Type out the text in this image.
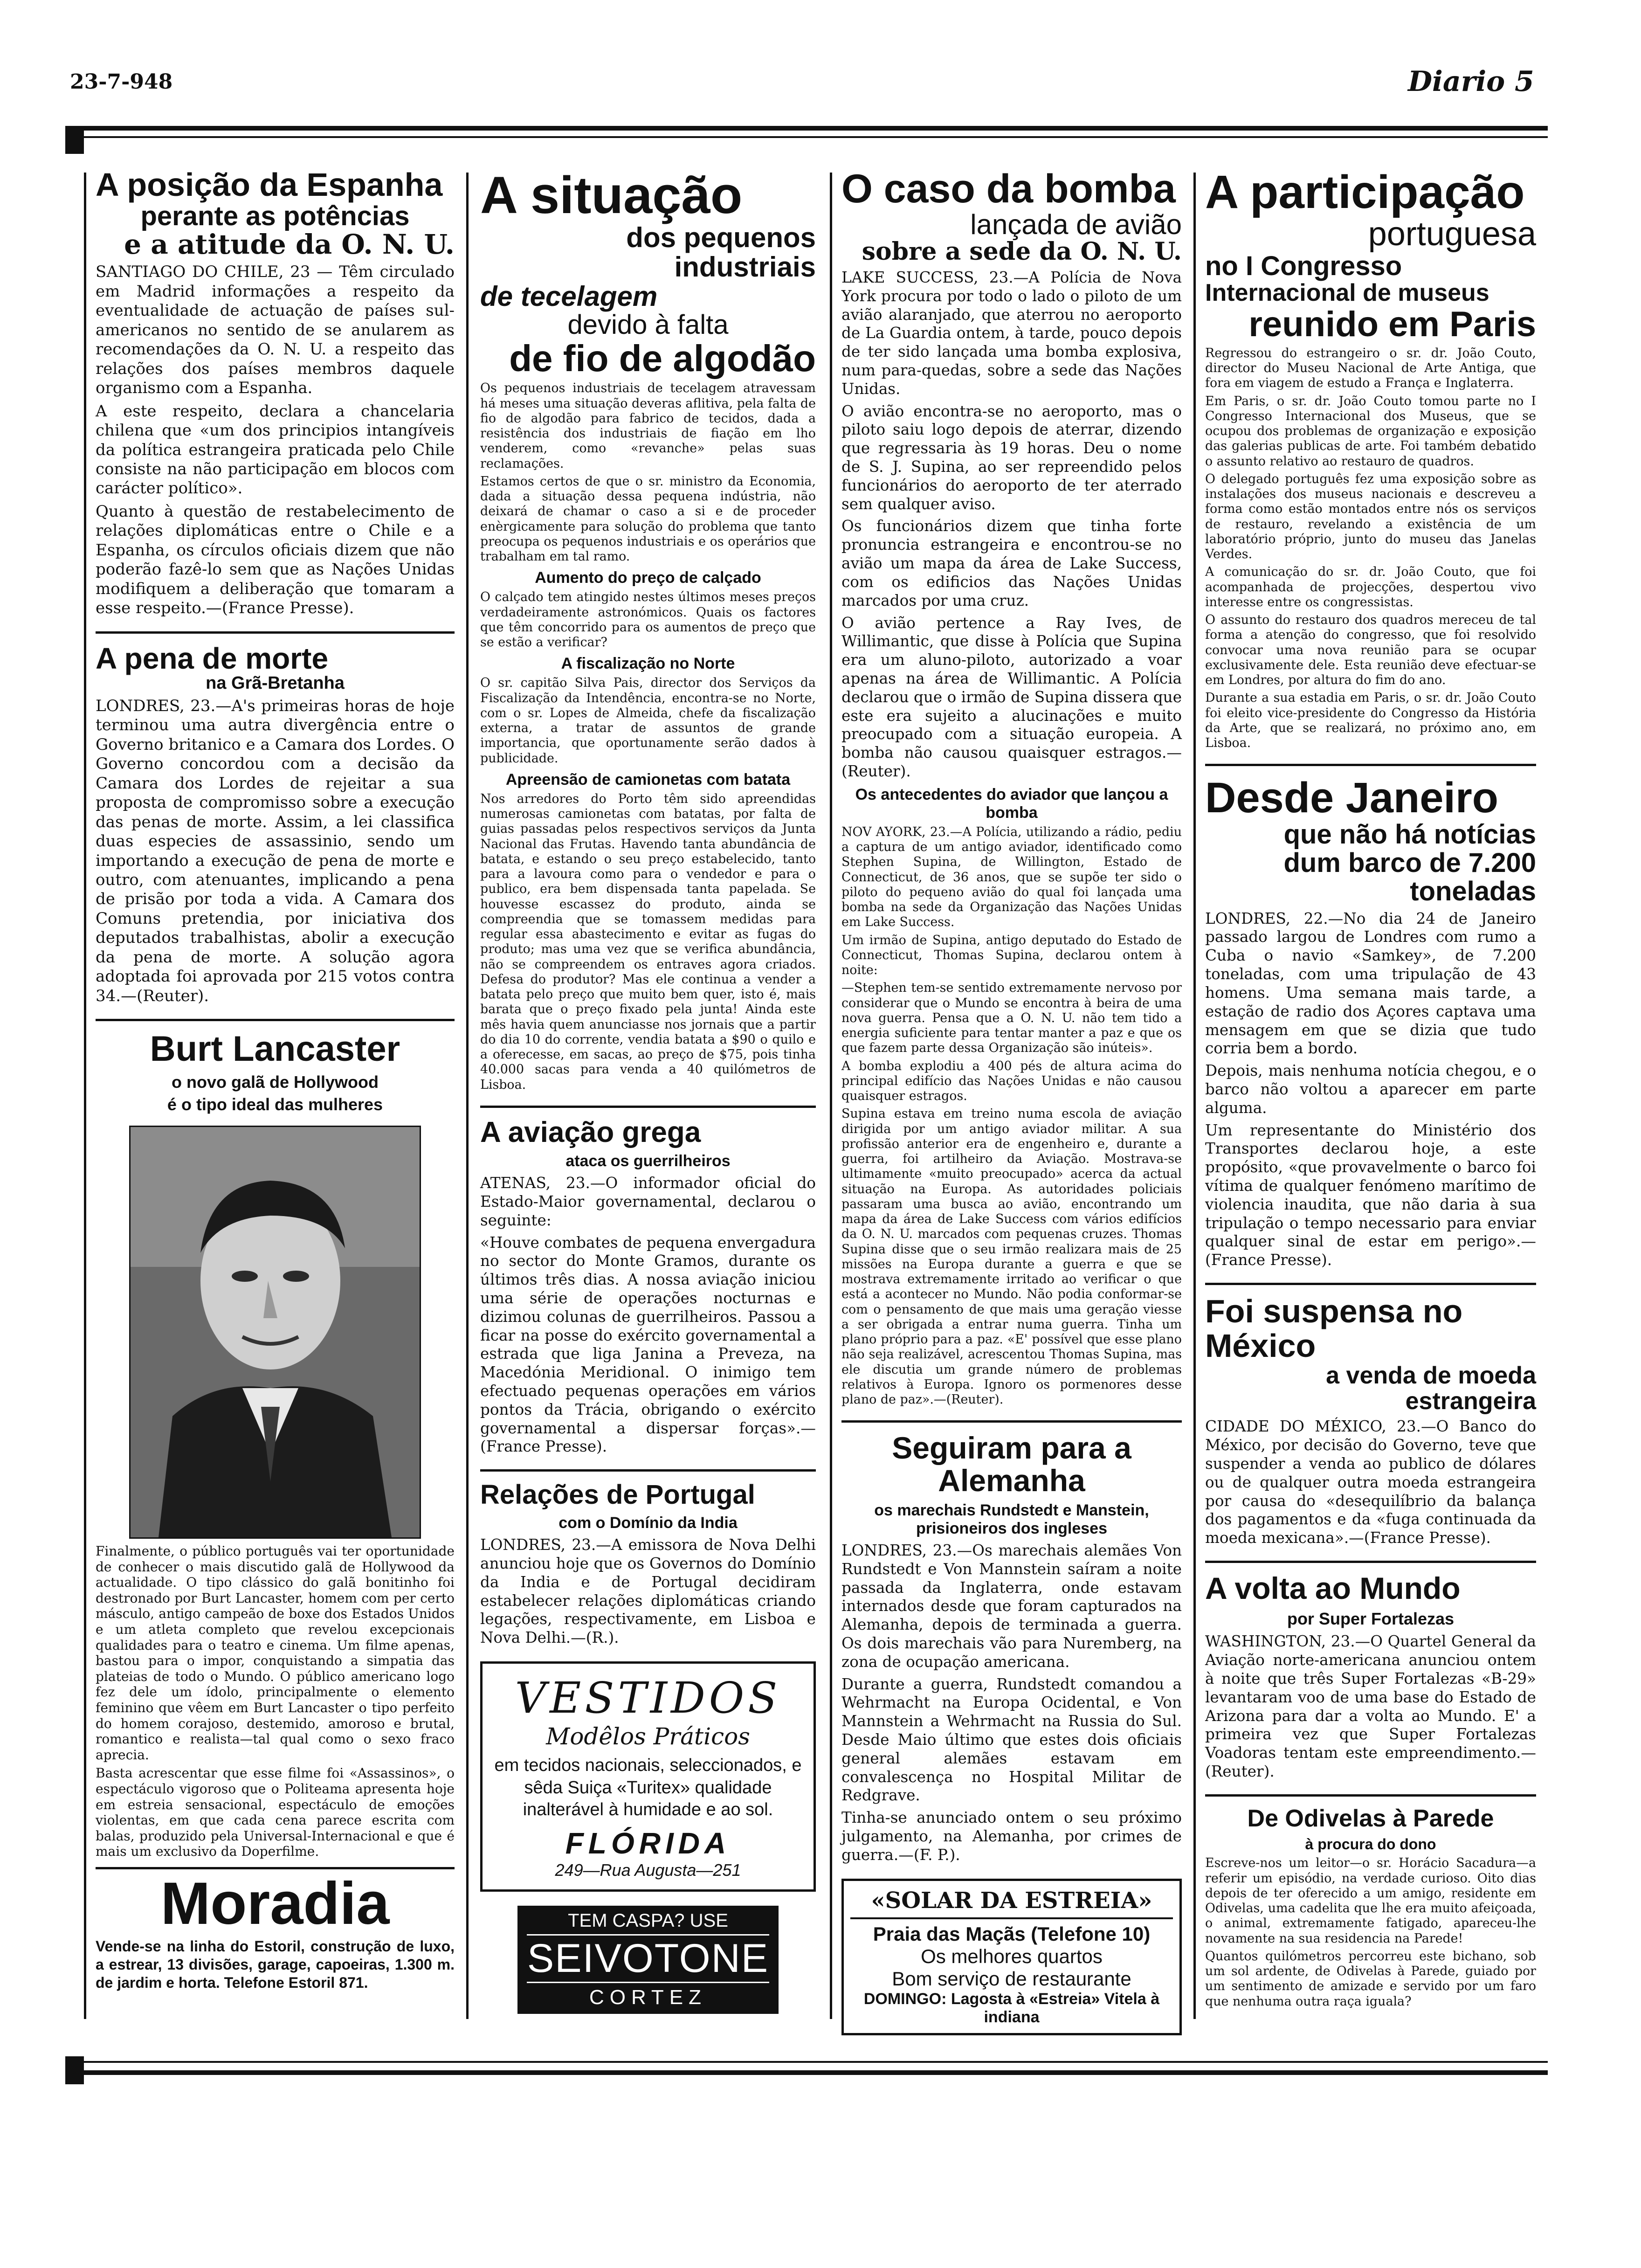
23-7-948	Diario 5
A posição da Espanha
perante as potências
e a atitude da O. N. U.

SANTIAGO DO CHILE, 23 — Têm circulado em Madrid informações a respeito da eventualidade de actuação de países sul-americanos no sentido de se anularem as recomendações da O. N. U. a respeito das relações dos países membros daquele organismo com a Espanha.

A este respeito, declara a chancelaria chilena que «um dos principios intangíveis da política estrangeira praticada pelo Chile consiste na não participação em blocos com carácter político».

Quanto à questão de restabelecimento de relações diplomáticas entre o Chile e a Espanha, os círculos oficiais dizem que não poderão fazê-lo sem que as Nações Unidas modifiquem a deliberação que tomaram a esse respeito.—(France Presse).

A pena de morte
na Grã-Bretanha

LONDRES, 23.—A's primeiras horas de hoje terminou uma autra divergência entre o Governo britanico e a Camara dos Lordes. O Governo concordou com a decisão da Camara dos Lordes de rejeitar a sua proposta de compromisso sobre a execução das penas de morte. Assim, a lei classifica duas especies de assassinio, sendo um importando a execução de pena de morte e outro, com atenuantes, implicando a pena de prisão por toda a vida. A Camara dos Comuns pretendia, por iniciativa dos deputados trabalhistas, abolir a execução da pena de morte. A solução agora adoptada foi aprovada por 215 votos contra 34.—(Reuter).

Burt Lancaster
o novo galã de Hollywood
é o tipo ideal das mulheres

Finalmente, o público português vai ter oportunidade de conhecer o mais discutido galã de Hollywood da actualidade. O tipo clássico do galã bonitinho foi destronado por Burt Lancaster, homem com per certo másculo, antigo campeão de boxe dos Estados Unidos e um atleta completo que revelou excepcionais qualidades para o teatro e cinema. Um filme apenas, bastou para o impor, conquistando a simpatia das plateias de todo o Mundo. O público americano logo fez dele um ídolo, principalmente o elemento feminino que vêem em Burt Lancaster o tipo perfeito do homem corajoso, destemido, amoroso e brutal, romantico e realista—tal qual como o sexo fraco aprecia.

Basta acrescentar que esse filme foi «Assassinos», o espectáculo vigoroso que o Politeama apresenta hoje em estreia sensacional, espectáculo de emoções violentas, em que cada cena parece escrita com balas, produzido pela Universal-Internacional e que é mais um exclusivo da Doperfilme.

Moradia

Vende-se na linha do Estoril, construção de luxo, a estrear, 13 divisões, garage, capoeiras, 1.300 m. de jardim e horta. Telefone Estoril 871.

A situação
dos pequenos industriais
de tecelagem
devido à falta
de fio de algodão

Os pequenos industriais de tecelagem atravessam há meses uma situação deveras aflitiva, pela falta de fio de algodão para fabrico de tecidos, dada a resistência dos industriais de fiação em lho venderem, como «revanche» pelas suas reclamações.

Estamos certos de que o sr. ministro da Economia, dada a situação dessa pequena indústria, não deixará de chamar o caso a si e de proceder enèrgicamente para solução do problema que tanto preocupa os pequenos industriais e os operários que trabalham em tal ramo.

Aumento do preço de calçado

O calçado tem atingido nestes últimos meses preços verdadeiramente astronómicos. Quais os factores que têm concorrido para os aumentos de preço que se estão a verificar?

A fiscalização no Norte

O sr. capitão Silva Pais, director dos Serviços da Fiscalização da Intendência, encontra-se no Norte, com o sr. Lopes de Almeida, chefe da fiscalização externa, a tratar de assuntos de grande importancia, que oportunamente serão dados à publicidade.

Apreensão de camionetas com batata

Nos arredores do Porto têm sido apreendidas numerosas camionetas com batatas, por falta de guias passadas pelos respectivos serviços da Junta Nacional das Frutas. Havendo tanta abundância de batata, e estando o seu preço estabelecido, tanto para a lavoura como para o vendedor e para o publico, era bem dispensada tanta papelada. Se houvesse escassez do produto, ainda se compreendia que se tomassem medidas para regular essa abastecimento e evitar as fugas do produto; mas uma vez que se verifica abundância, não se compreendem os entraves agora criados. Defesa do produtor? Mas ele continua a vender a batata pelo preço que muito bem quer, isto é, mais barata que o preço fixado pela junta! Ainda este mês havia quem anunciasse nos jornais que a partir do dia 10 do corrente, vendia batata a $90 o quilo e a oferecesse, em sacas, ao preço de $75, pois tinha 40.000 sacas para venda a 40 quilómetros de Lisboa.

A aviação grega
ataca os guerrilheiros

ATENAS, 23.—O informador oficial do Estado-Maior governamental, declarou o seguinte:

«Houve combates de pequena envergadura no sector do Monte Gramos, durante os últimos três dias. A nossa aviação iniciou uma série de operações nocturnas e dizimou colunas de guerrilheiros. Passou a ficar na posse do exército governamental a estrada que liga Janina a Preveza, na Macedónia Meridional. O inimigo tem efectuado pequenas operações em vários pontos da Trácia, obrigando o exército governamental a dispersar forças».—(France Presse).

Relações de Portugal
com o Domínio da India

LONDRES, 23.—A emissora de Nova Delhi anunciou hoje que os Governos do Domínio da India e de Portugal decidiram estabelecer relações diplomáticas criando legações, respectivamente, em Lisboa e Nova Delhi.—(R.).

VESTIDOS
Modêlos Práticos
em tecidos nacionais, seleccionados, e sêda Suiça «Turitex» qualidade inalterável à humidade e ao sol.
FLÓRIDA
249—Rua Augusta—251
TEM CASPA? USE
SEIVOTONE
CORTEZ
O caso da bomba
lançada de avião
sobre a sede da O. N. U.

LAKE SUCCESS, 23.—A Polícia de Nova York procura por todo o lado o piloto de um avião alaranjado, que aterrou no aeroporto de La Guardia ontem, à tarde, pouco depois de ter sido lançada uma bomba explosiva, num para-quedas, sobre a sede das Nações Unidas.

O avião encontra-se no aeroporto, mas o piloto saiu logo depois de aterrar, dizendo que regressaria às 19 horas. Deu o nome de S. J. Supina, ao ser repreendido pelos funcionários do aeroporto de ter aterrado sem qualquer aviso.

Os funcionários dizem que tinha forte pronuncia estrangeira e encontrou-se no avião um mapa da área de Lake Success, com os edificios das Nações Unidas marcados por uma cruz.

O avião pertence a Ray Ives, de Willimantic, que disse à Polícia que Supina era um aluno-piloto, autorizado a voar apenas na área de Willimantic. A Polícia declarou que o irmão de Supina dissera que este era sujeito a alucinações e muito preocupado com a situação europeia. A bomba não causou quaisquer estragos.—(Reuter).

Os antecedentes do aviador que lançou a bomba

NOV AYORK, 23.—A Polícia, utilizando a rádio, pediu a captura de um antigo aviador, identificado como Stephen Supina, de Willington, Estado de Connecticut, de 36 anos, que se supõe ter sido o piloto do pequeno avião do qual foi lançada uma bomba na sede da Organização das Nações Unidas em Lake Success.

Um irmão de Supina, antigo deputado do Estado de Connecticut, Thomas Supina, declarou ontem à noite:

—Stephen tem-se sentido extremamente nervoso por considerar que o Mundo se encontra à beira de uma nova guerra. Pensa que a O. N. U. não tem tido a energia suficiente para tentar manter a paz e que os que fazem parte dessa Organização são inúteis».

A bomba explodiu a 400 pés de altura acima do principal edifício das Nações Unidas e não causou quaisquer estragos.

Supina estava em treino numa escola de aviação dirigida por um antigo aviador militar. A sua profissão anterior era de engenheiro e, durante a guerra, foi artilheiro da Aviação. Mostrava-se ultimamente «muito preocupado» acerca da actual situação na Europa. As autoridades policiais passaram uma busca ao avião, encontrando um mapa da área de Lake Success com vários edifícios da O. N. U. marcados com pequenas cruzes. Thomas Supina disse que o seu irmão realizara mais de 25 missões na Europa durante a guerra e que se mostrava extremamente irritado ao verificar o que está a acontecer no Mundo. Não podia conformar-se com o pensamento de que mais uma geração viesse a ser obrigada a entrar numa guerra. Tinha um plano próprio para a paz. «E' possível que esse plano não seja realizável, acrescentou Thomas Supina, mas ele discutia um grande número de problemas relativos à Europa. Ignoro os pormenores desse plano de paz».—(Reuter).

Seguiram para a Alemanha
os marechais Rundstedt e Manstein, prisioneiros dos ingleses

LONDRES, 23.—Os marechais alemães Von Rundstedt e Von Mannstein saíram a noite passada da Inglaterra, onde estavam internados desde que foram capturados na Alemanha, depois de terminada a guerra. Os dois marechais vão para Nuremberg, na zona de ocupação americana.

Durante a guerra, Rundstedt comandou a Wehrmacht na Europa Ocidental, e Von Mannstein a Wehrmacht na Russia do Sul. Desde Maio último que estes dois oficiais general alemães estavam em convalescença no Hospital Militar de Redgrave.

Tinha-se anunciado ontem o seu próximo julgamento, na Alemanha, por crimes de guerra.—(F. P.).

«SOLAR DA ESTREIA»
Praia das Maçãs (Telefone 10)
Os melhores quartos
Bom serviço de restaurante
DOMINGO: Lagosta à «Estreia» Vitela à indiana
A participação
portuguesa
no I Congresso
Internacional de museus
reunido em Paris

Regressou do estrangeiro o sr. dr. João Couto, director do Museu Nacional de Arte Antiga, que fora em viagem de estudo a França e Inglaterra.

Em Paris, o sr. dr. João Couto tomou parte no I Congresso Internacional dos Museus, que se ocupou dos problemas de organização e exposição das galerias publicas de arte. Foi também debatido o assunto relativo ao restauro de quadros.

O delegado português fez uma exposição sobre as instalações dos museus nacionais e descreveu a forma como estão montados entre nós os serviços de restauro, revelando a existência de um laboratório próprio, junto do museu das Janelas Verdes.

A comunicação do sr. dr. João Couto, que foi acompanhada de projecções, despertou vivo interesse entre os congressistas.

O assunto do restauro dos quadros mereceu de tal forma a atenção do congresso, que foi resolvido convocar uma nova reunião para se ocupar exclusivamente dele. Esta reunião deve efectuar-se em Londres, por altura do fim do ano.

Durante a sua estadia em Paris, o sr. dr. João Couto foi eleito vice-presidente do Congresso da História da Arte, que se realizará, no próximo ano, em Lisboa.

Desde Janeiro
que não há notícias
dum barco de 7.200 toneladas

LONDRES, 22.—No dia 24 de Janeiro passado largou de Londres com rumo a Cuba o navio «Samkey», de 7.200 toneladas, com uma tripulação de 43 homens. Uma semana mais tarde, a estação de radio dos Açores captava uma mensagem em que se dizia que tudo corria bem a bordo.

Depois, mais nenhuma notícia chegou, e o barco não voltou a aparecer em parte alguma.

Um representante do Ministério dos Transportes declarou hoje, a este propósito, «que provavelmente o barco foi vítima de qualquer fenómeno marítimo de violencia inaudita, que não daria à sua tripulação o tempo necessario para enviar qualquer sinal de estar em perigo».—(France Presse).

Foi suspensa no México
a venda de moeda estrangeira

CIDADE DO MÉXICO, 23.—O Banco do México, por decisão do Governo, teve que suspender a venda ao publico de dólares ou de qualquer outra moeda estrangeira por causa do «desequilíbrio da balança dos pagamentos e da «fuga continuada da moeda mexicana».—(France Presse).

A volta ao Mundo
por Super Fortalezas

WASHINGTON, 23.—O Quartel General da Aviação norte-americana anunciou ontem à noite que três Super Fortalezas «B-29» levantaram voo de uma base do Estado de Arizona para dar a volta ao Mundo. E' a primeira vez que Super Fortalezas Voadoras tentam este empreendimento.—(Reuter).

De Odivelas à Parede
à procura do dono

Escreve-nos um leitor—o sr. Horácio Sacadura—a referir um episódio, na verdade curioso. Oito dias depois de ter oferecido a um amigo, residente em Odivelas, uma cadelita que lhe era muito afeiçoada, o animal, extremamente fatigado, apareceu-lhe novamente na sua residencia na Parede!

Quantos quilómetros percorreu este bichano, sob um sol ardente, de Odivelas à Parede, guiado por um sentimento de amizade e servido por um faro que nenhuma outra raça iguala?
